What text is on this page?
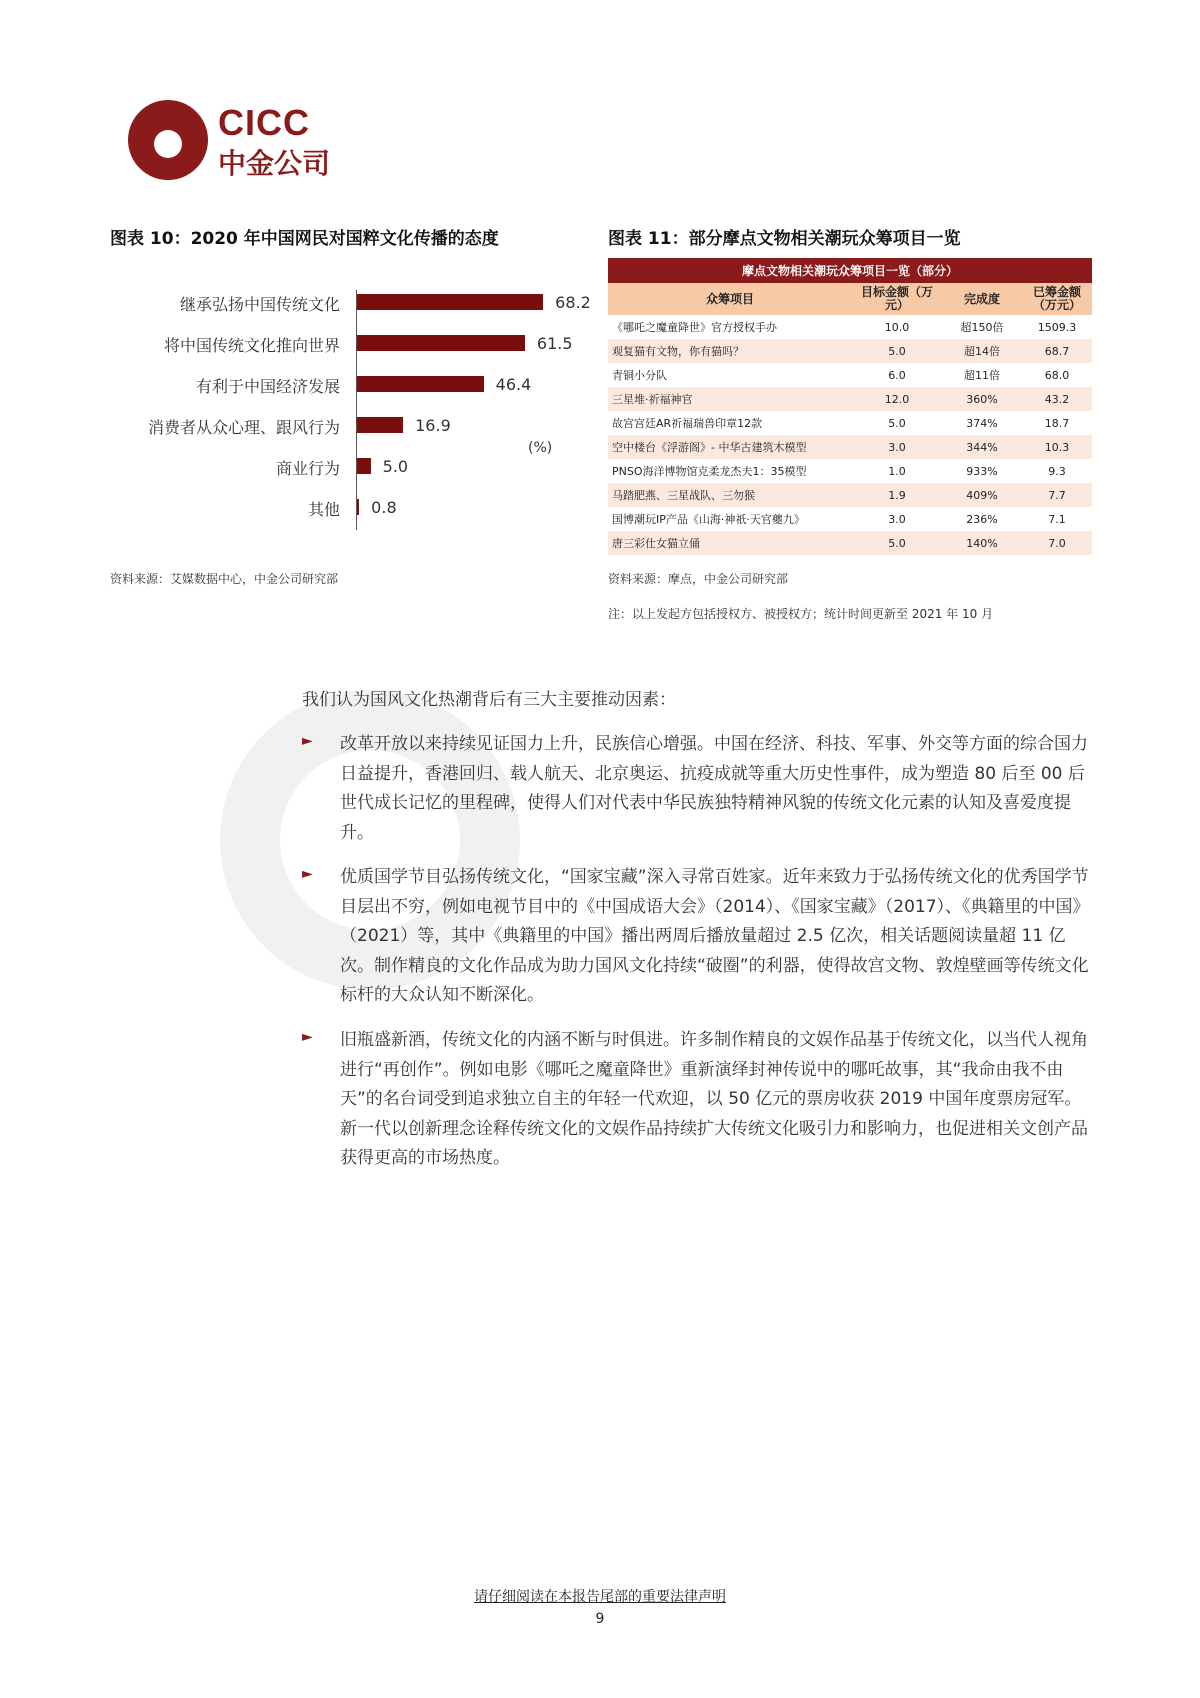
CICC
中金公司
图表 10：2020 年中国网民对国粹文化传播的态度	图表 11：部分摩点文物相关潮玩众筹项目一览
(%)
继承弘扬中国传统文化	68.2
将中国传统文化推向世界	61.5
有利于中国经济发展	46.4
消费者从众心理、跟风行为	16.9
商业行为	5.0
其他 0.8
摩点文物相关潮玩众筹项目一览（部分）			
众筹项目	目标金额（万元）	完成度	已筹金额（万元）
《哪吒之魔童降世》官方授权手办	10.0	超150倍	1509.3
观复猫有文物，你有猫吗？	5.0	超14倍	68.7
青铜小分队	6.0	超11倍	68.0
三星堆·祈福神官	12.0	360%	43.2
故宫宫廷AR祈福瑞兽印章12款	5.0	374%	18.7
空中楼台《浮游阁》- 中华古建筑木模型	3.0	344%	10.3
PNSO海洋博物馆克柔龙杰夫1：35模型	1.0	933%	9.3
马踏肥燕、三星战队、三勿猴	1.9	409%	7.7
国博潮玩IP产品《山海·神祇·天官夔九》	3.0	236%	7.1
唐三彩仕女猫立俑	5.0	140%	7.0
资料来源：艾媒数据中心，中金公司研究部	资料来源：摩点，中金公司研究部
注：以上发起方包括授权方、被授权方；统计时间更新至 2021 年 10 月
我们认为国风文化热潮背后有三大主要推动因素：
► 改革开放以来持续见证国力上升，民族信心增强。中国在经济、科技、军事、外交等方面的综合国力日益提升，香港回归、载人航天、北京奥运、抗疫成就等重大历史性事件，成为塑造 80 后至 00 后世代成长记忆的里程碑，使得人们对代表中华民族独特精神风貌的传统文化元素的认知及喜爱度提升。
► 优质国学节目弘扬传统文化，“国家宝藏”深入寻常百姓家。近年来致力于弘扬传统文化的优秀国学节目层出不穷，例如电视节目中的《中国成语大会》（2014）、《国家宝藏》（2017）、《典籍里的中国》（2021）等，其中《典籍里的中国》播出两周后播放量超过 2.5 亿次，相关话题阅读量超 11 亿次。制作精良的文化作品成为助力国风文化持续“破圈”的利器，使得故宫文物、敦煌壁画等传统文化标杆的大众认知不断深化。
► 旧瓶盛新酒，传统文化的内涵不断与时俱进。许多制作精良的文娱作品基于传统文化，以当代人视角进行“再创作”。例如电影《哪吒之魔童降世》重新演绎封神传说中的哪吒故事，其“我命由我不由天”的名台词受到追求独立自主的年轻一代欢迎，以 50 亿元的票房收获 2019 中国年度票房冠军。新一代以创新理念诠释传统文化的文娱作品持续扩大传统文化吸引力和影响力，也促进相关文创产品获得更高的市场热度。
请仔细阅读在本报告尾部的重要法律声明
9
